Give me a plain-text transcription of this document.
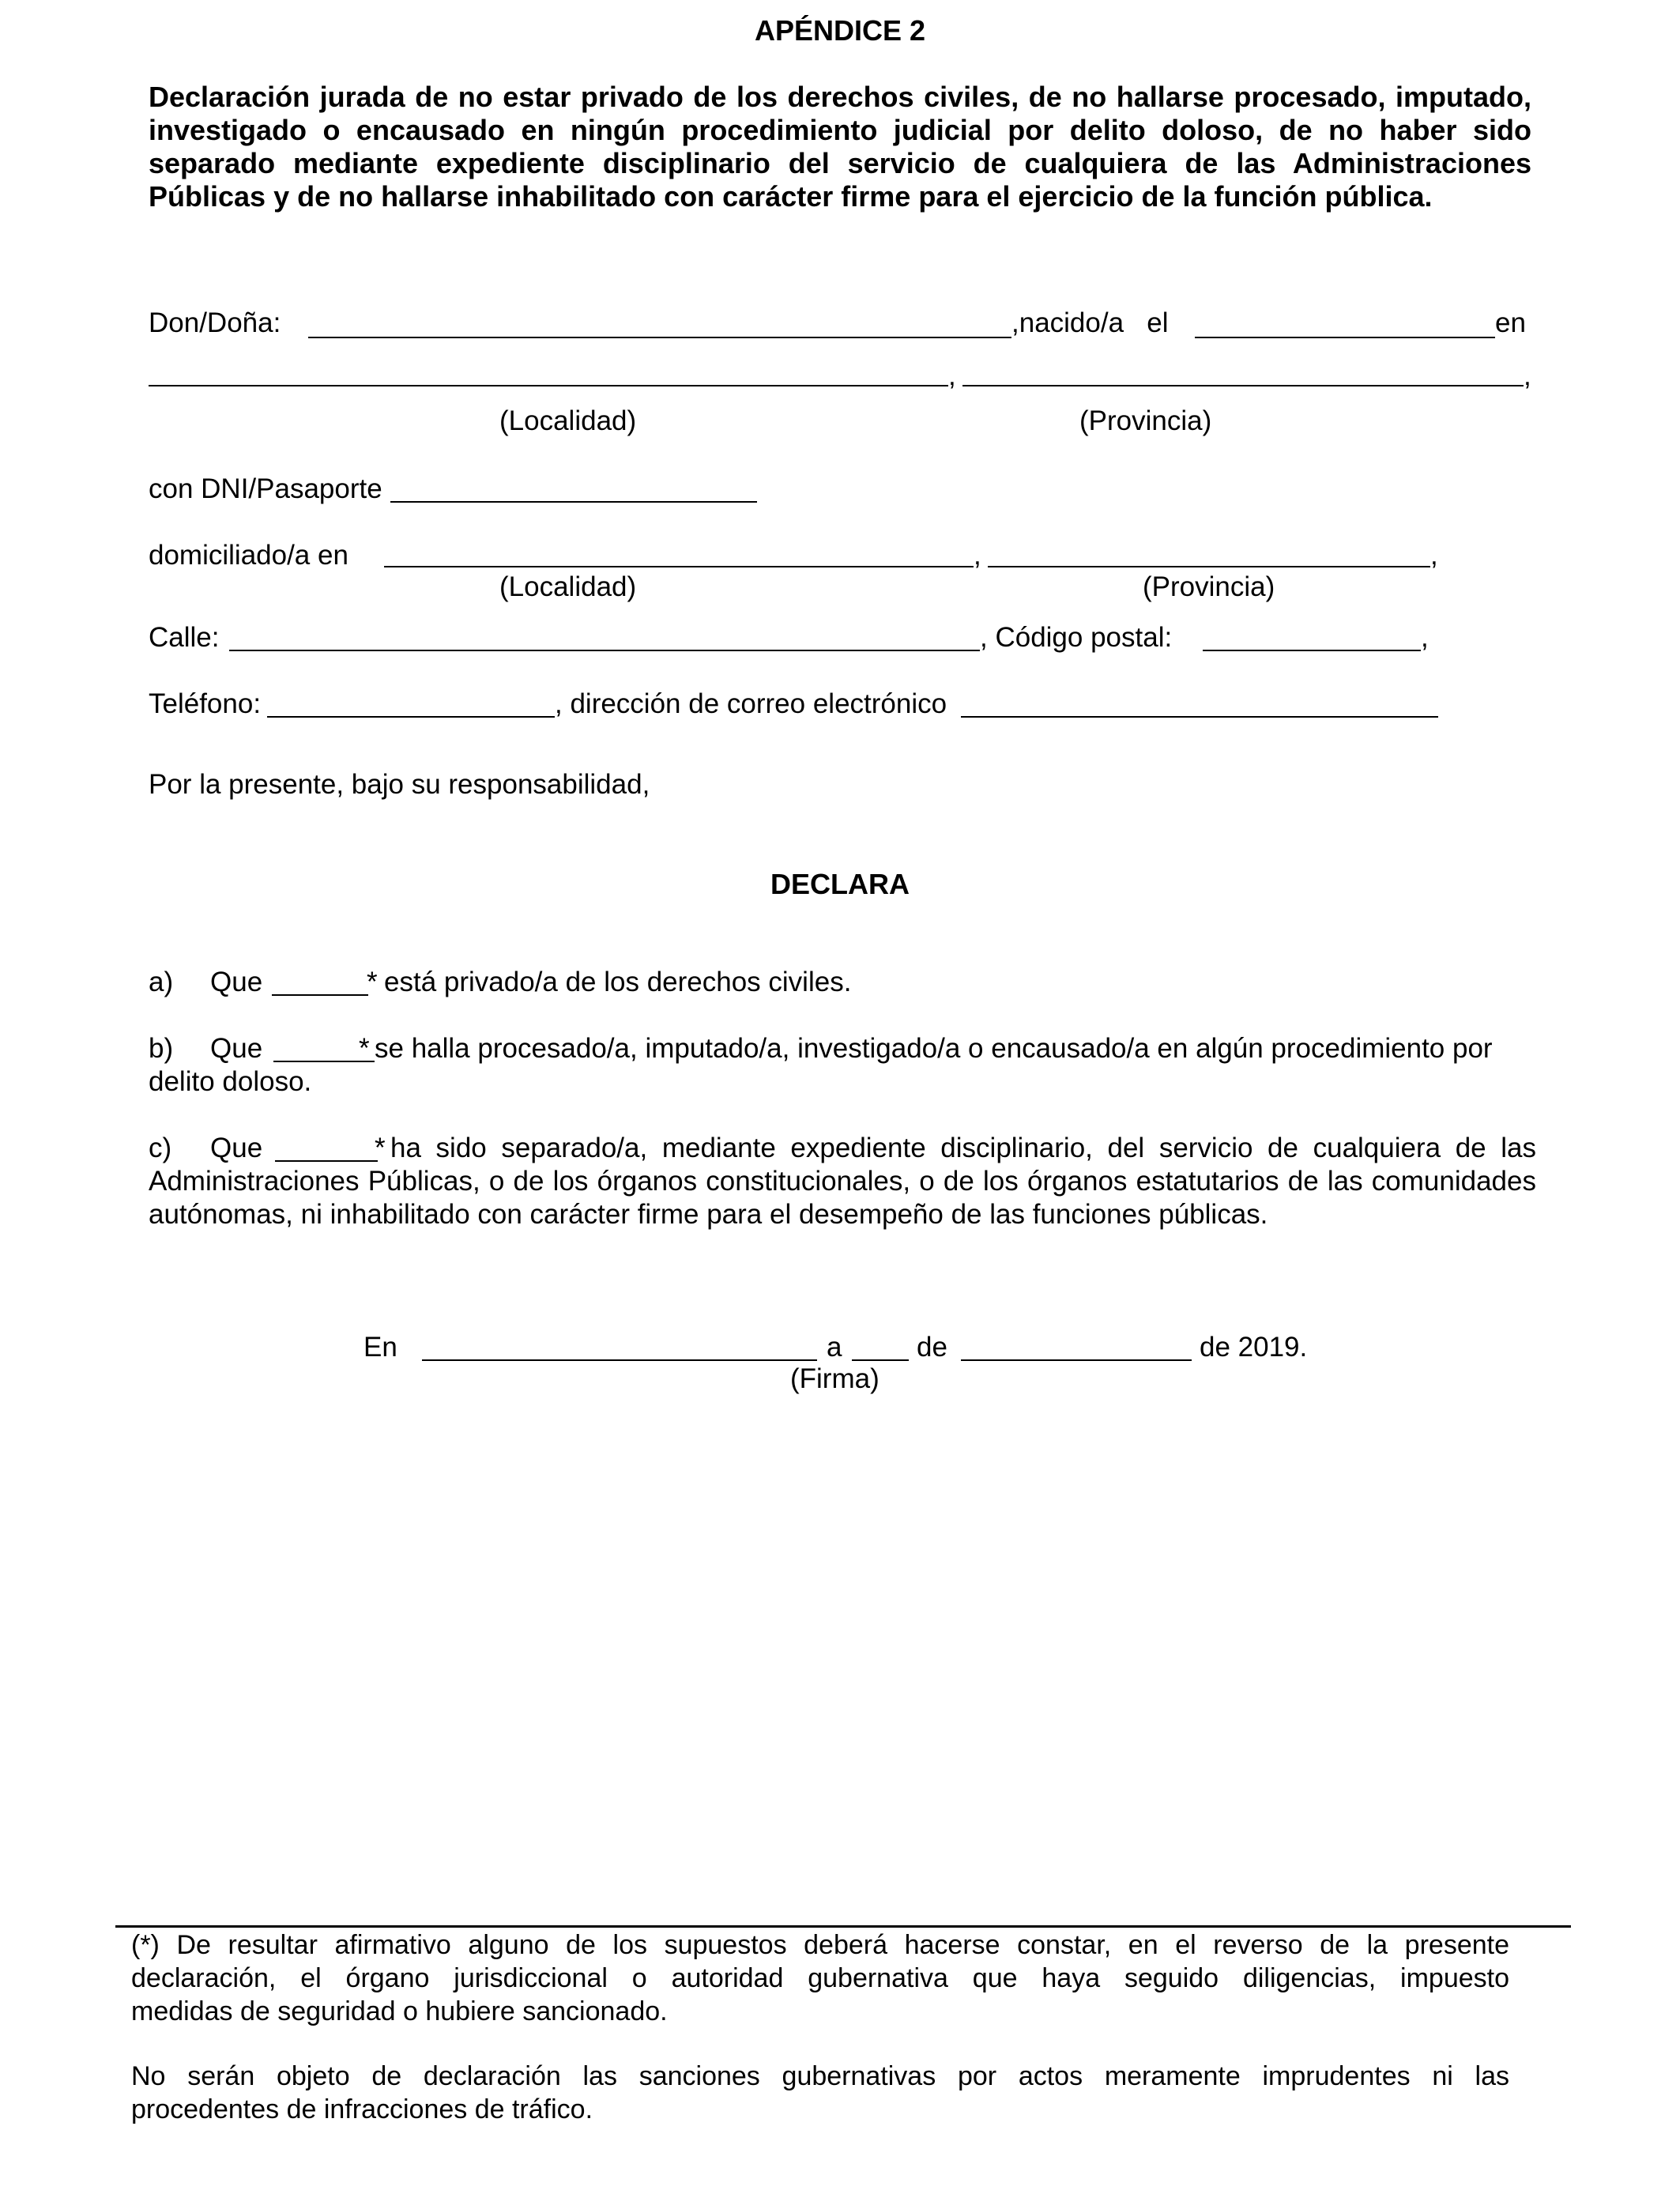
APÉNDICE 2
Declaración jurada de no estar privado de los derechos civiles, de no hallarse procesado, imputado,
investigado o encausado en ningún procedimiento judicial por delito doloso, de no haber sido
separado mediante expediente disciplinario del servicio de cualquiera de las Administraciones
Públicas y de no hallarse inhabilitado con carácter firme para el ejercicio de la función pública.
Don/Doña:	,nacido/a   el	en
,	,
(Localidad)	(Provincia)
con DNI/Pasaporte
domiciliado/a en	,	,
(Localidad)	(Provincia)
Calle:	, Código postal:	,
Teléfono:	, dirección de correo electrónico
Por la presente, bajo su responsabilidad,
DECLARA
a) Que	* está privado/a de los derechos civiles.
b) Que	* se halla procesado/a, imputado/a, investigado/a o encausado/a en algún procedimiento por
delito doloso.
c) Que	* ha sido separado/a, mediante expediente disciplinario, del servicio de cualquiera de las
Administraciones Públicas, o de los órganos constitucionales, o de los órganos estatutarios de las comunidades
autónomas, ni inhabilitado con carácter firme para el desempeño de las funciones públicas.
En	a	de	de 2019.
(Firma)
(*) De resultar afirmativo alguno de los supuestos deberá hacerse constar, en el reverso de la presente
declaración, el órgano jurisdiccional o autoridad gubernativa que haya seguido diligencias, impuesto
medidas de seguridad o hubiere sancionado.
No serán objeto de declaración las sanciones gubernativas por actos meramente imprudentes ni las
procedentes de infracciones de tráfico.
